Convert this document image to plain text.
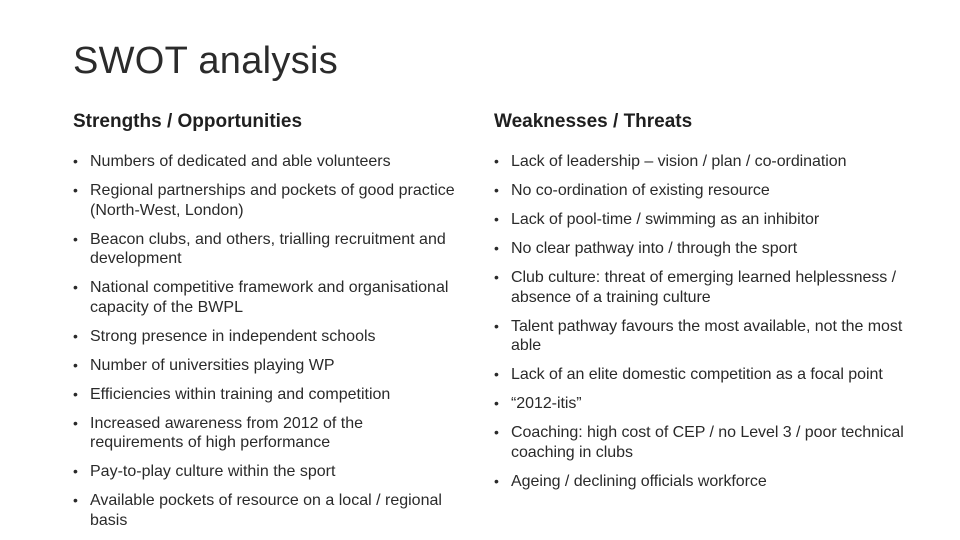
SWOT analysis
Strengths / Opportunities
• Numbers of dedicated and able volunteers
• Regional partnerships and pockets of good practice (North-West, London)
• Beacon clubs, and others, trialling recruitment and development
• National competitive framework and organisational capacity of the BWPL
• Strong presence in independent schools
• Number of universities playing WP
• Efficiencies within training and competition
• Increased awareness from 2012 of the requirements of high performance
• Pay-to-play culture within the sport
• Available pockets of resource on a local / regional basis
Weaknesses / Threats
• Lack of leadership – vision / plan / co-ordination
• No co-ordination of existing resource
• Lack of pool-time / swimming as an inhibitor
• No clear pathway into / through the sport
• Club culture: threat of emerging learned helplessness / absence of a training culture
• Talent pathway favours the most available, not the most able
• Lack of an elite domestic competition as a focal point
• “2012-itis”
• Coaching: high cost of CEP / no Level 3 / poor technical coaching in clubs
• Ageing / declining officials workforce
